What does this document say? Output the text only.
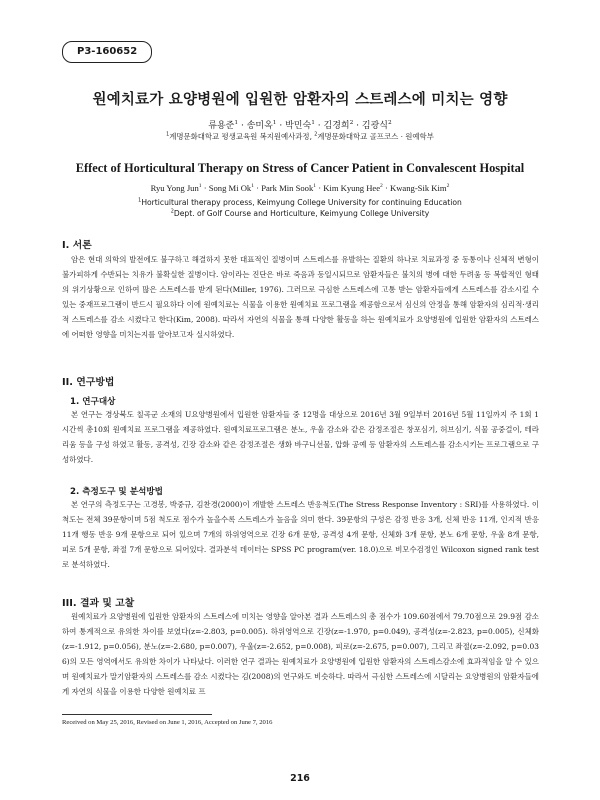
P3-160652
원예치료가 요양병원에 입원한 암환자의 스트레스에 미치는 영향
류용준$^1$ · 송미옥$^1$ · 박민숙$^1$ · 김경희$^2$ · 김광식$^2$
$^1$계명문화대학교 평생교육원 복지원예사과정, $^2$계명문화대학교 골프코스 · 원예학부
Effect of Horticultural Therapy on Stress of Cancer Patient in Convalescent Hospital
Ryu Yong Jun$^1$ · Song Mi $Ok^1$ · Park Min Sook$^1$ · Kim Kyung Hee$^2$ · Kwang-Sik Kim$^2$
$^1$Horticultural therapy process, Keimyung College University for continuing Education
$^2$Dept. of Golf Course and Horticulture, Keimyung College University
I. 서론

암은 현대 의학의 발전에도 불구하고 해결하지 못한 대표적인 질병이며 스트레스를 유발하는 질환의 하나로 치료과정 중 동통이나 신체적 변형이 불가피하게 수반되는 치유가 불확실한 질병이다. 암이라는 진단은 바로 죽음과 동일시되므로 암환자들은 불치의 병에 대한 두려움 등 복합적인 형태의 위기상황으로 인하여 많은 스트레스를 받게 된다(Miller, 1976). 그러므로 극심한 스트레스에 고통 받는 암환자들에게 스트레스를 감소시킬 수 있는 중재프로그램이 반드시 필요하다 이에 원예치료는 식물을 이용한 원예치료 프로그램을 제공함으로서 심신의 안정을 통해 암환자의 심리적·생리적 스트레스를 감소 시켰다고 한다(Kim, 2008). 따라서 자연의 식물을 통해 다양한 활동을 하는 원예치료가 요양병원에 입원한 암환자의 스트레스에 어떠한 영향을 미치는지를 알아보고자 실시하였다.

II. 연구방법
1. 연구대상

본 연구는 경상북도 칠곡군 소재의 U요양병원에서 입원한 암환자들 중 12명을 대상으로 2016년 3월 9일부터 2016년 5월 11일까지 주 1회 1시간씩 총10회 원예치료 프로그램을 제공하였다. 원예치료프로그램은 분노, 우울 감소와 같은 감정조절은 창포심기, 허브심기, 식물 공중걸이, 테라리움 등을 구성 하였고 활동, 공격성, 긴장 감소와 같은 감정조절은 생화 바구니선물, 압화 공예 등 암환자의 스트레스를 감소시키는 프로그램으로 구성하였다.

2. 측정도구 및 분석방법

본 연구의 측정도구는 고경봉, 박중규, 김찬경(2000)이 개발한 스트레스 반응척도(The Stress Response Inventory : SRI)를 사용하였다. 이 척도는 전체 39문항이며 5점 척도로 점수가 높을수록 스트레스가 높음을 의미 한다. 39문항의 구성은 감정 반응 3개, 신체 반응 11개, 인지적 반응 11개 행동 반응 9개 문항으로 되어 있으며 7개의 하위영역으로 긴장 6개 문항, 공격성 4개 문항, 신체화 3개 문항, 분노 6개 문항, 우울 8개 문항, 피로 5개 문항, 좌절 7개 문항으로 되어있다. 결과분석 데이터는 SPSS PC program(ver. 18.0)으로 비모수검정인 Wilcoxon signed rank test로 분석하였다.

III. 결과 및 고찰

원예치료가 요양병원에 입원한 암환자의 스트레스에 미치는 영향을 알아본 결과 스트레스의 총 점수가 109.60점에서 79.70점으로 29.9점 감소하여 통계적으로 유의한 차이를 보였다(z=-2.803, p=0.005). 하위영역으로 긴장(z=-1.970, p=0.049), 공격성(z=-2.823, p=0.005), 신체화(z=-1.912, p=0.056), 분노(z=-2.680, p=0.007), 우울(z=-2.652, p=0.008), 피로(z=-2.675, p=0.007), 그리고 좌절(z=-2.092, p=0.036)의 모든 영역에서도 유의한 차이가 나타났다. 이러한 연구 결과는 원예치료가 요양병원에 입원한 암환자의 스트레스감소에 효과적임을 알 수 있으며 원예치료가 말기암환자의 스트레스를 감소 시켰다는 김(2008)의 연구와도 비슷하다. 따라서 극심한 스트레스에 시달리는 요양병원의 암환자들에게 자연의 식물을 이용한 다양한 원예치료 프

Received on May 25, 2016, Revised on June 1, 2016, Accepted on June 7, 2016
216
